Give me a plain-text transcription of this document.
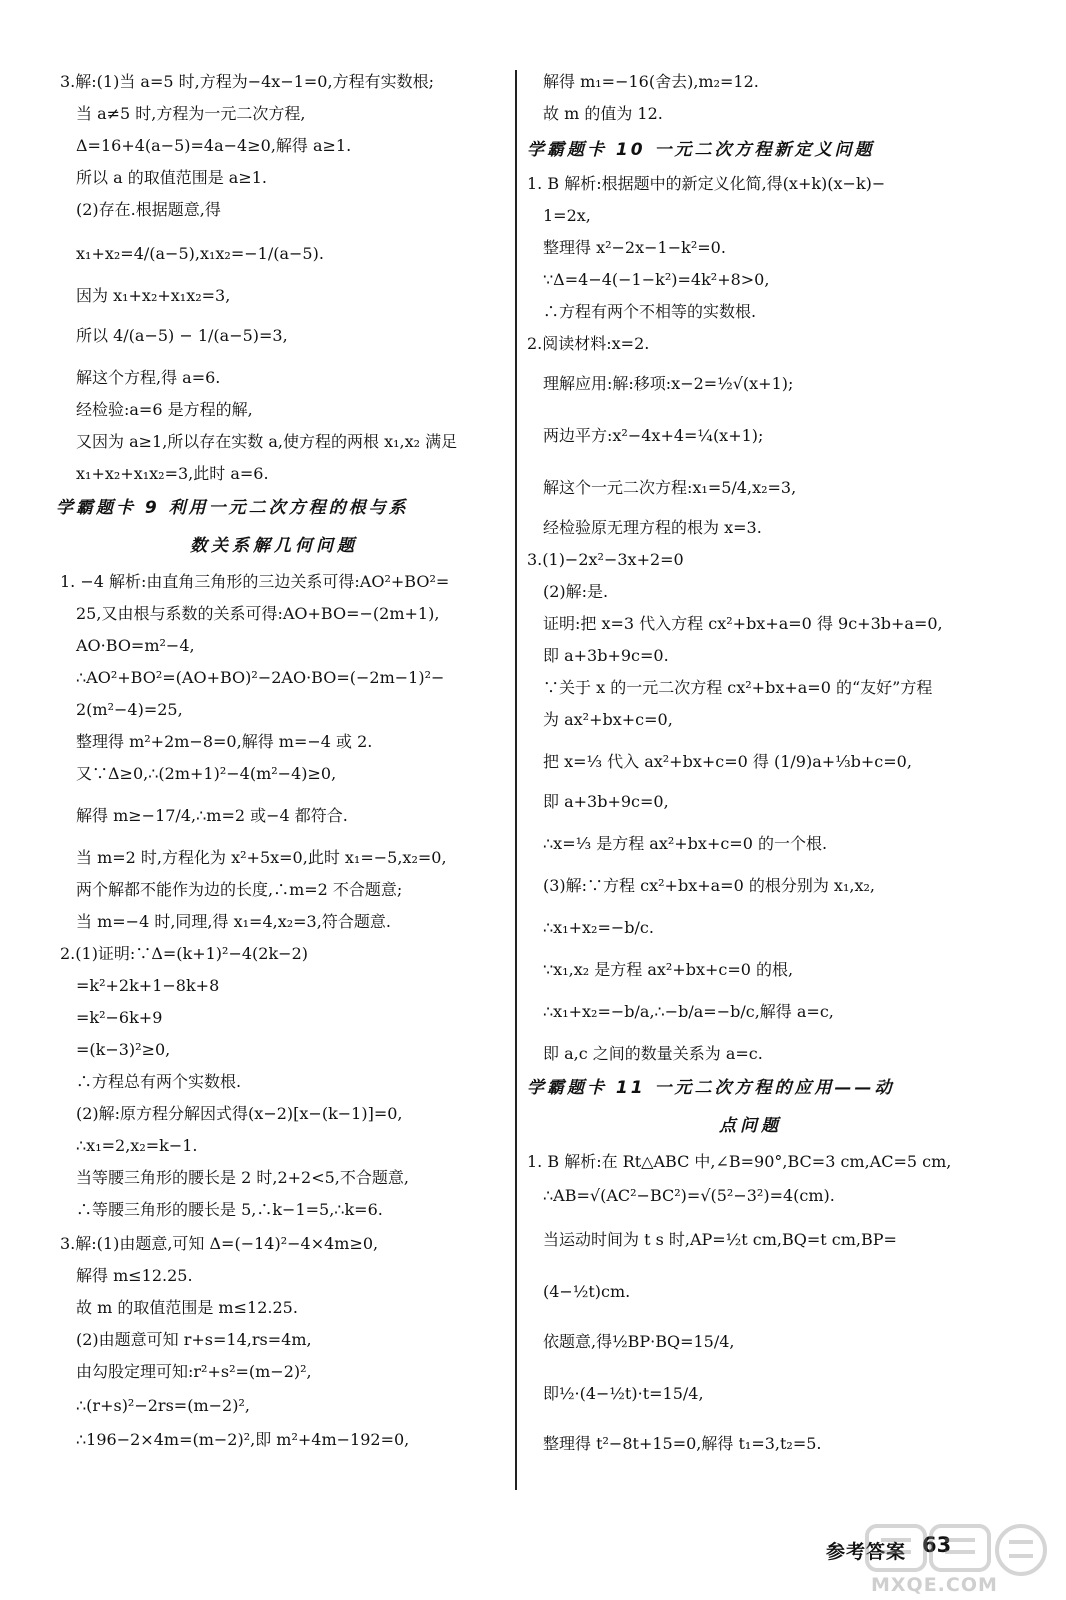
3.解:(1)当 a=5 时,方程为−4x−1=0,方程有实数根;
当 a≠5 时,方程为一元二次方程,
Δ=16+4(a−5)=4a−4≥0,解得 a≥1.
所以 a 的取值范围是 a≥1.
(2)存在.根据题意,得
x₁+x₂=4/(a−5),x₁x₂=−1/(a−5).
因为 x₁+x₂+x₁x₂=3,
所以 4/(a−5) − 1/(a−5)=3,
解这个方程,得 a=6.
经检验:a=6 是方程的解,
又因为 a≥1,所以存在实数 a,使方程的两根 x₁,x₂ 满足
x₁+x₂+x₁x₂=3,此时 a=6.
学霸题卡 9 利用一元二次方程的根与系
数关系解几何问题
1. −4 解析:由直角三角形的三边关系可得:AO²+BO²=
25,又由根与系数的关系可得:AO+BO=−(2m+1),
AO·BO=m²−4,
∴AO²+BO²=(AO+BO)²−2AO·BO=(−2m−1)²−
2(m²−4)=25,
整理得 m²+2m−8=0,解得 m=−4 或 2.
又∵Δ≥0,∴(2m+1)²−4(m²−4)≥0,
解得 m≥−17/4,∴m=2 或−4 都符合.
当 m=2 时,方程化为 x²+5x=0,此时 x₁=−5,x₂=0,
两个解都不能作为边的长度,∴m=2 不合题意;
当 m=−4 时,同理,得 x₁=4,x₂=3,符合题意.
2.(1)证明:∵Δ=(k+1)²−4(2k−2)
=k²+2k+1−8k+8
=k²−6k+9
=(k−3)²≥0,
∴方程总有两个实数根.
(2)解:原方程分解因式得(x−2)[x−(k−1)]=0,
∴x₁=2,x₂=k−1.
当等腰三角形的腰长是 2 时,2+2<5,不合题意,
∴等腰三角形的腰长是 5,∴k−1=5,∴k=6.
3.解:(1)由题意,可知 Δ=(−14)²−4×4m≥0,
解得 m≤12.25.
故 m 的取值范围是 m≤12.25.
(2)由题意可知 r+s=14,rs=4m,
由勾股定理可知:r²+s²=(m−2)²,
∴(r+s)²−2rs=(m−2)²,
∴196−2×4m=(m−2)²,即 m²+4m−192=0,
解得 m₁=−16(舍去),m₂=12.
故 m 的值为 12.
学霸题卡 10 一元二次方程新定义问题
1. B 解析:根据题中的新定义化简,得(x+k)(x−k)−
1=2x,
整理得 x²−2x−1−k²=0.
∵Δ=4−4(−1−k²)=4k²+8>0,
∴方程有两个不相等的实数根.
2.阅读材料:x=2.
理解应用:解:移项:x−2=½√(x+1);
两边平方:x²−4x+4=¼(x+1);
解这个一元二次方程:x₁=5/4,x₂=3,
经检验原无理方程的根为 x=3.
3.(1)−2x²−3x+2=0
(2)解:是.
证明:把 x=3 代入方程 cx²+bx+a=0 得 9c+3b+a=0,
即 a+3b+9c=0.
∵关于 x 的一元二次方程 cx²+bx+a=0 的“友好”方程
为 ax²+bx+c=0,
把 x=⅓ 代入 ax²+bx+c=0 得 (1/9)a+⅓b+c=0,
即 a+3b+9c=0,
∴x=⅓ 是方程 ax²+bx+c=0 的一个根.
(3)解:∵方程 cx²+bx+a=0 的根分别为 x₁,x₂,
∴x₁+x₂=−b/c.
∵x₁,x₂ 是方程 ax²+bx+c=0 的根,
∴x₁+x₂=−b/a,∴−b/a=−b/c,解得 a=c,
即 a,c 之间的数量关系为 a=c.
学霸题卡 11 一元二次方程的应用——动
点问题
1. B 解析:在 Rt△ABC 中,∠B=90°,BC=3 cm,AC=5 cm,
∴AB=√(AC²−BC²)=√(5²−3²)=4(cm).
当运动时间为 t s 时,AP=½t cm,BQ=t cm,BP=
(4−½t)cm.
依题意,得½BP·BQ=15/4,
即½·(4−½t)·t=15/4,
整理得 t²−8t+15=0,解得 t₁=3,t₂=5.
参考答案 63
MXQE.COM
